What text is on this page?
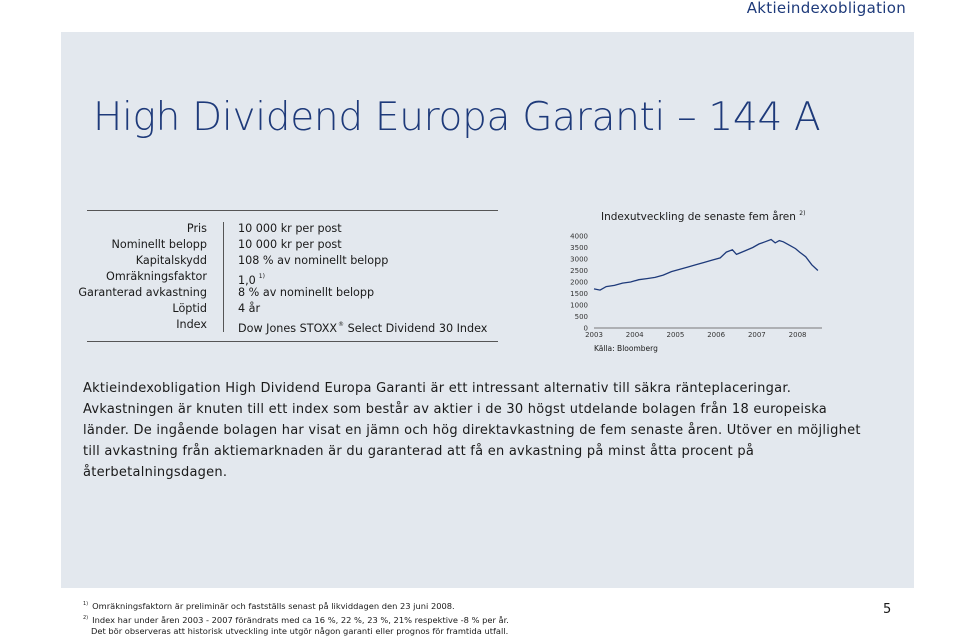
Aktieindexobligation
High Dividend Europa Garanti – 144 A
Pris	10 000 kr per post
Nominellt belopp	10 000 kr per post
Kapitalskydd	108 % av nominellt belopp
Omräkningsfaktor	1,0 $^{1)}$
Garanterad avkastning	8 % av nominellt belopp
Löptid	4 år
Index	Dow Jones STOXX® Select Dividend 30 Index
Indexutveckling de senaste fem åren $^{2)}$
4000
3500
3000
2500
2000
1500
1000
500
0
2003	2004	2005	2006	2007	2008
Källa: Bloomberg

Aktieindexobligation High Dividend Europa Garanti är ett intressant alternativ till säkra ränteplaceringar.

Avkastningen är knuten till ett index som består av aktier i de 30 högst utdelande bolagen från 18 europeiska

länder. De ingående bolagen har visat en jämn och hög direktavkastning de fem senaste åren. Utöver en möjlighet

till avkastning från aktiemarknaden är du garanterad att få en avkastning på minst åtta procent på

återbetalningsdagen.

$^{1)}$ Omräkningsfaktorn är preliminär och fastställs senast på likviddagen den 23 juni 2008.
$^{2)}$ Index har under åren 2003 - 2007 förändrats med ca 16 %, 22 %, 23 %, 21% respektive -8 % per år.
Det bör observeras att historisk utveckling inte utgör någon garanti eller prognos för framtida utfall.
5
